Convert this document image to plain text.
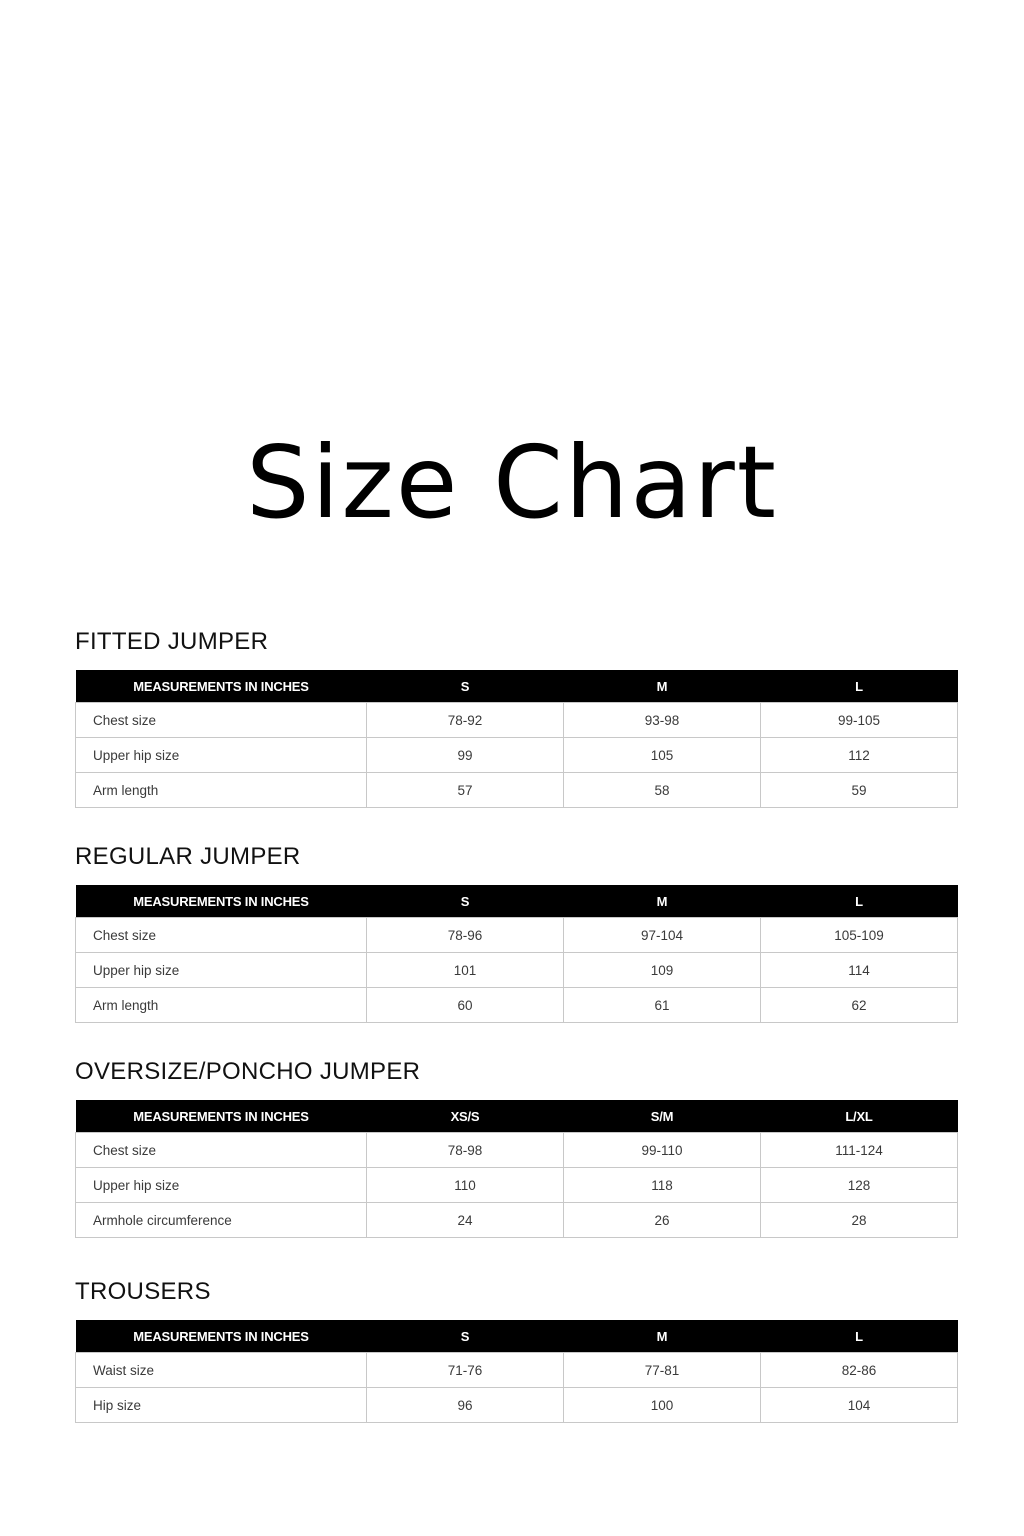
Size Chart
FITTED JUMPER
MEASUREMENTS IN INCHES	S	M	L
Chest size	78-92	93-98	99-105
Upper hip size	99	105	112
Arm length	57	58	59
REGULAR JUMPER
MEASUREMENTS IN INCHES	S	M	L
Chest size	78-96	97-104	105-109
Upper hip size	101	109	114
Arm length	60	61	62
OVERSIZE/PONCHO JUMPER
MEASUREMENTS IN INCHES	XS/S	S/M	L/XL
Chest size	78-98	99-110	111-124
Upper hip size	110	118	128
Armhole circumference	24	26	28
TROUSERS
MEASUREMENTS IN INCHES	S	M	L
Waist size	71-76	77-81	82-86
Hip size	96	100	104
